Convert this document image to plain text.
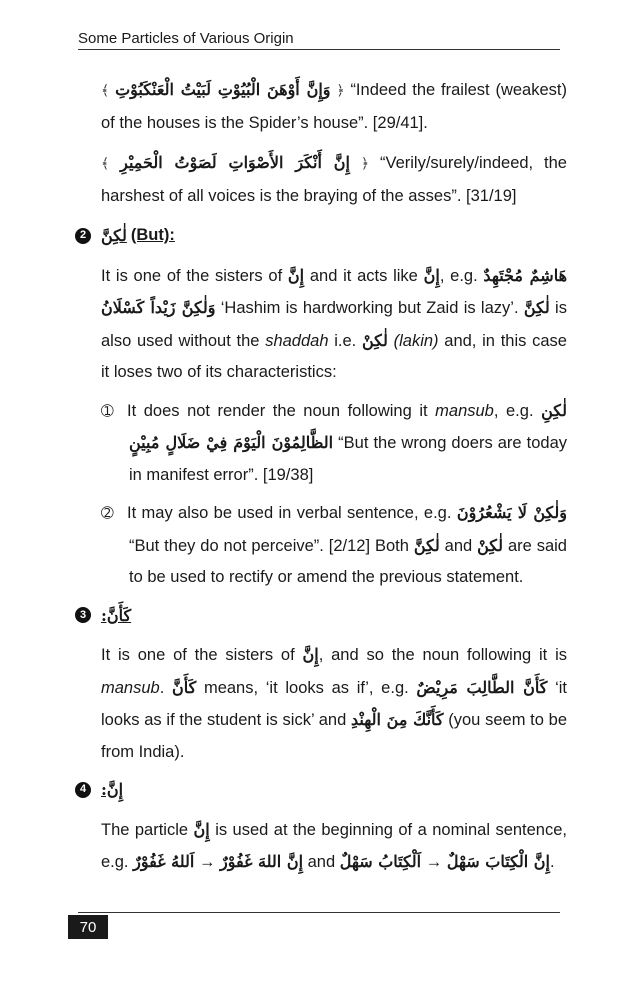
Some Particles of Various Origin

﴾ وَإِنَّ أَوْهَنَ الْبُيُوْتِ لَبَيْتُ الْعَنْكَبُوْتِ ﴿ “Indeed the frailest (weakest) of the houses is the Spider’s house”. [29/41].

﴾ إِنَّ أَنْكَرَ الأَصْوَاتِ لَصَوْتُ الْحَمِيْرِ ﴿ “Verily/surely/indeed, the harshest of all voices is the braying of the asses”. [31/19]

2 لٰكِنَّ (But):

It is one of the sisters of إِنَّ and it acts like إِنَّ, e.g. هَاشِمٌ مُجْتَهِدٌ وَلٰكِنَّ زَيْداً كَسْلَانُ ‘Hashim is hardworking but Zaid is lazy’. لٰكِنَّ is also used without the shaddah i.e. لٰكِنْ (lakin) and, in this case it loses two of its characteristics:

➀ It does not render the noun following it mansub, e.g. لٰكِنِ الظَّالِمُوْنَ الْيَوْمَ فِيْ ضَلَالٍ مُبِيْنٍ “But the wrong doers are today in manifest error”. [19/38]

➁ It may also be used in verbal sentence, e.g. وَلٰكِنْ لَا يَشْعُرُوْنَ “But they do not perceive”. [2/12] Both لٰكِنَّ and لٰكِنْ are said to be used to rectify or amend the previous statement.

3 كَأَنَّ:

It is one of the sisters of إِنَّ, and so the noun following it is mansub. كَأَنَّ means, ‘it looks as if’, e.g. كَأَنَّ الطَّالِبَ مَرِيْضٌ ‘it looks as if the student is sick’ and كَأَنَّكَ مِنَ الْهِنْدِ (you seem to be from India).

4 إِنَّ:

The particle إِنَّ is used at the beginning of a nominal sentence, e.g.	إِنَّ اللهَ غَفُوْرٌ → اَللهُ غَفُوْرٌ	and	إِنَّ الْكِتَابَ سَهْلٌ → اَلْكِتَابُ سَهْلٌ	.

70
